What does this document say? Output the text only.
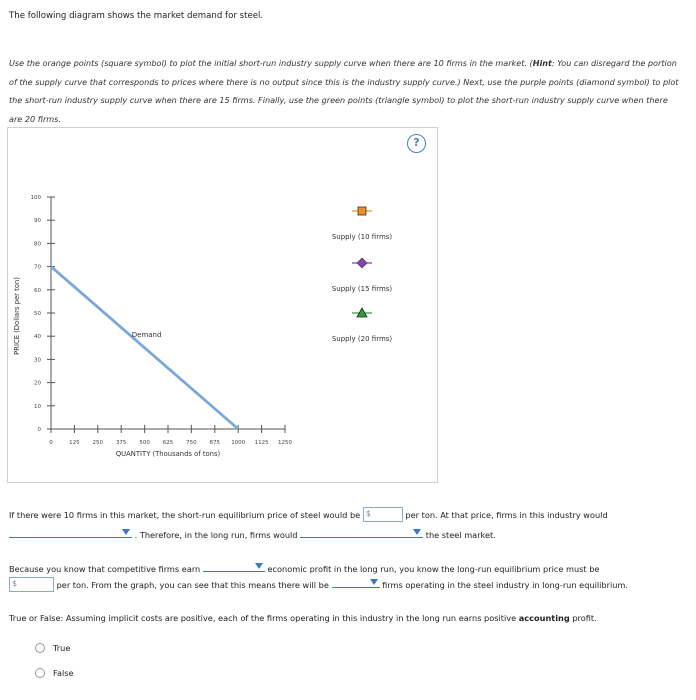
The following diagram shows the market demand for steel.
Use the orange points (square symbol) to plot the initial short-run industry supply curve when there are 10 firms in the market. (Hint: You can disregard the portion of the supply curve that corresponds to prices where there is no output since this is the industry supply curve.) Next, use the purple points (diamond symbol) to plot the short-run industry supply curve when there are 15 firms. Finally, use the green points (triangle symbol) to plot the short-run industry supply curve when there are 20 firms.
?
0
10
20
30
40
50
60
70
80
90
100
0	125 250 375 500 625 750 875 1000 1125 1250
QUANTITY (Thousands of tons)
PRICE (Dollars per ton)	Demand
Supply (10 firms)
Supply (15 firms)
Supply (20 firms)
If there were 10 firms in this market, the short-run equilibrium price of steel would be $	per ton. At that price, firms in this industry would
. Therefore, in the long run, firms would	the steel market.
Because you know that competitive firms earn	economic profit in the long run, you know the long-run equilibrium price must be
$	per ton. From the graph, you can see that this means there will be	firms operating in the steel industry in long-run equilibrium.
True or False: Assuming implicit costs are positive, each of the firms operating in this industry in the long run earns positive accounting profit.
True
False
